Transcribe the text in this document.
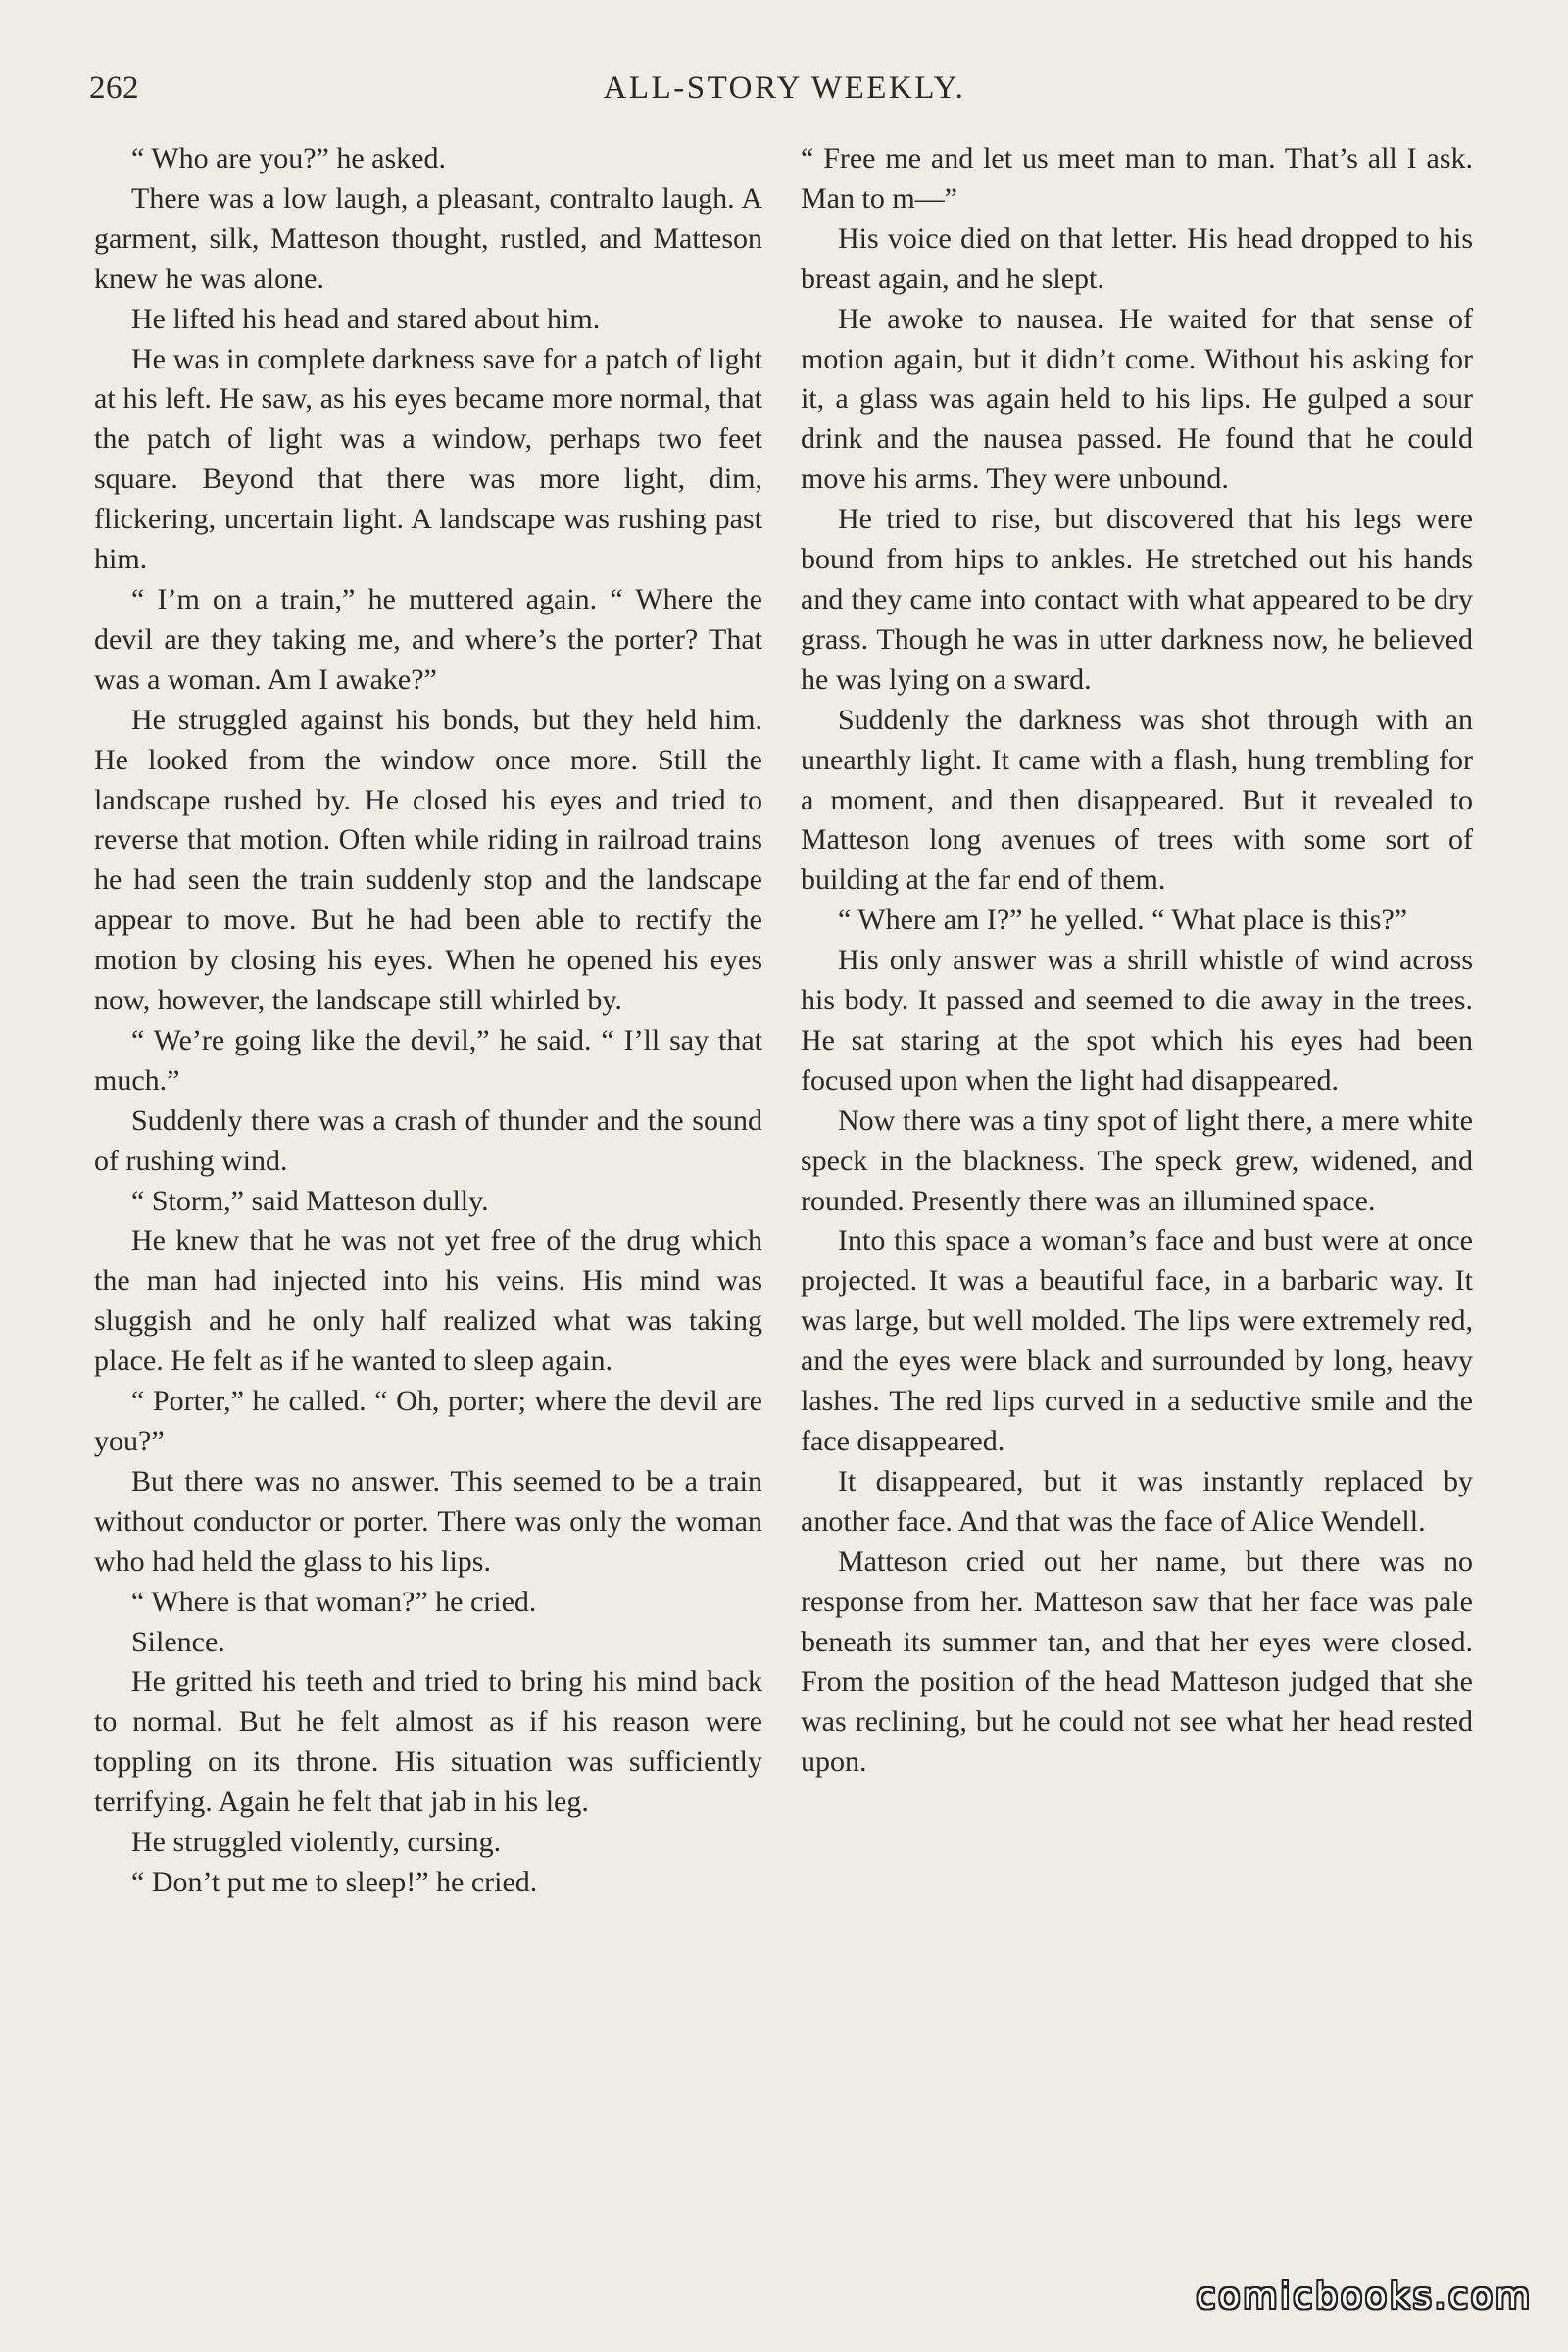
262	ALL-STORY WEEKLY.

“ Who are you?” he asked.

There was a low laugh, a pleasant, contralto laugh. A garment, silk, Matteson thought, rustled, and Matteson knew he was alone.

He lifted his head and stared about him.

He was in complete darkness save for a patch of light at his left. He saw, as his eyes became more normal, that the patch of light was a window, perhaps two feet square. Beyond that there was more light, dim, flickering, uncertain light. A landscape was rushing past him.

“ I’m on a train,” he muttered again. “ Where the devil are they taking me, and where’s the porter? That was a woman. Am I awake?”

He struggled against his bonds, but they held him. He looked from the window once more. Still the landscape rushed by. He closed his eyes and tried to reverse that motion. Often while riding in railroad trains he had seen the train suddenly stop and the landscape appear to move. But he had been able to rectify the motion by closing his eyes. When he opened his eyes now, however, the landscape still whirled by.

“ We’re going like the devil,” he said. “ I’ll say that much.”

Suddenly there was a crash of thunder and the sound of rushing wind.

“ Storm,” said Matteson dully.

He knew that he was not yet free of the drug which the man had injected into his veins. His mind was sluggish and he only half realized what was taking place. He felt as if he wanted to sleep again.

“ Porter,” he called. “ Oh, porter; where the devil are you?”

But there was no answer. This seemed to be a train without conductor or porter. There was only the woman who had held the glass to his lips.

“ Where is that woman?” he cried.

Silence.

He gritted his teeth and tried to bring his mind back to normal. But he felt almost as if his reason were toppling on its throne. His situation was sufficiently terrifying. Again he felt that jab in his leg.

He struggled violently, cursing.

“ Don’t put me to sleep!” he cried.

“ Free me and let us meet man to man. That’s all I ask. Man to m—”

His voice died on that letter. His head dropped to his breast again, and he slept.

He awoke to nausea. He waited for that sense of motion again, but it didn’t come. Without his asking for it, a glass was again held to his lips. He gulped a sour drink and the nausea passed. He found that he could move his arms. They were unbound.

He tried to rise, but discovered that his legs were bound from hips to ankles. He stretched out his hands and they came into contact with what appeared to be dry grass. Though he was in utter darkness now, he believed he was lying on a sward.

Suddenly the darkness was shot through with an unearthly light. It came with a flash, hung trembling for a moment, and then disappeared. But it revealed to Matteson long avenues of trees with some sort of building at the far end of them.

“ Where am I?” he yelled. “ What place is this?”

His only answer was a shrill whistle of wind across his body. It passed and seemed to die away in the trees. He sat staring at the spot which his eyes had been focused upon when the light had disappeared.

Now there was a tiny spot of light there, a mere white speck in the blackness. The speck grew, widened, and rounded. Presently there was an illumined space.

Into this space a woman’s face and bust were at once projected. It was a beautiful face, in a barbaric way. It was large, but well molded. The lips were extremely red, and the eyes were black and surrounded by long, heavy lashes. The red lips curved in a seductive smile and the face disappeared.

It disappeared, but it was instantly replaced by another face. And that was the face of Alice Wendell.

Matteson cried out her name, but there was no response from her. Matteson saw that her face was pale beneath its summer tan, and that her eyes were closed. From the position of the head Matteson judged that she was reclining, but he could not see what her head rested upon.

comicbooks.com
